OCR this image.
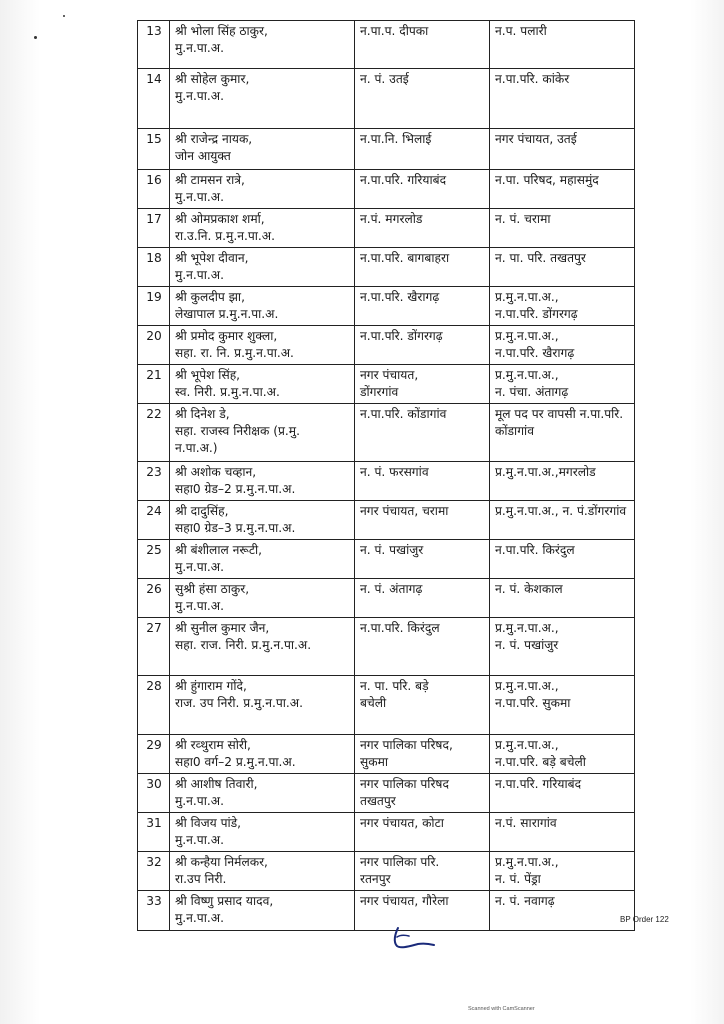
13	श्री भोला सिंह ठाकुर,
मु.न.पा.अ.	न.पा.प. दीपका	न.प. पलारी

14	श्री सोहेल कुमार,
मु.न.पा.अ.	न. पं. उतई	न.पा.परि. कांकेर

15	श्री राजेन्द्र नायक,
जोन आयुक्त	न.पा.नि. भिलाई	नगर पंचायत, उतई

16	श्री टामसन रात्रे,
मु.न.पा.अ.	न.पा.परि. गरियाबंद	न.पा. परिषद, महासमुंद

17	श्री ओमप्रकाश शर्मा,
रा.उ.नि. प्र.मु.न.पा.अ.	न.पं. मगरलोड	न. पं. चरामा

18	श्री भूपेश दीवान,
मु.न.पा.अ.	न.पा.परि. बागबाहरा	न. पा. परि. तखतपुर

19	श्री कुलदीप झा,
लेखापाल प्र.मु.न.पा.अ.	न.पा.परि. खैरागढ़	प्र.मु.न.पा.अ.,
न.पा.परि. डोंगरगढ़

20	श्री प्रमोद कुमार शुक्ला,
सहा. रा. नि. प्र.मु.न.पा.अ.	न.पा.परि. डोंगरगढ़	प्र.मु.न.पा.अ.,
न.पा.परि. खैरागढ़

21	श्री भूपेश सिंह,
स्व. निरी. प्र.मु.न.पा.अ.	नगर पंचायत,
डोंगरगांव	प्र.मु.न.पा.अ.,
न. पंचा. अंतागढ़

22	श्री दिनेश डे,
सहा. राजस्व निरीक्षक (प्र.मु.
न.पा.अ.)	न.पा.परि. कोंडागांव	मूल पद पर वापसी न.पा.परि.
कोंडागांव

23	श्री अशोक चव्हान,
सहा0 ग्रेड–2 प्र.मु.न.पा.अ.	न. पं. फरसगांव	प्र.मु.न.पा.अ.,मगरलोड

24	श्री दादुसिंह,
सहा0 ग्रेड–3 प्र.मु.न.पा.अ.	नगर पंचायत, चरामा	प्र.मु.न.पा.अ., न. पं.डोंगरगांव

25	श्री बंशीलाल नरूटी,
मु.न.पा.अ.	न. पं. पखांजुर	न.पा.परि. किरंदुल

26	सुश्री हंसा ठाकुर,
मु.न.पा.अ.	न. पं. अंतागढ़	न. पं. केशकाल

27	श्री सुनील कुमार जैन,
सहा. राज. निरी. प्र.मु.न.पा.अ.	न.पा.परि. किरंदुल	प्र.मु.न.पा.अ.,
न. पं. पखांजुर

28	श्री हुंगाराम गोंदे,
राज. उप निरी. प्र.मु.न.पा.अ.	न. पा. परि. बड़े
बचेली	प्र.मु.न.पा.अ.,
न.पा.परि. सुकमा

29	श्री रव्थुराम सोरी,
सहा0 वर्ग–2 प्र.मु.न.पा.अ.	नगर पालिका परिषद,
सुकमा	प्र.मु.न.पा.अ.,
न.पा.परि. बड़े बचेली

30	श्री आशीष तिवारी,
मु.न.पा.अ.	नगर पालिका परिषद
तखतपुर	न.पा.परि. गरियाबंद

31	श्री विजय पांडे,
मु.न.पा.अ.	नगर पंचायत, कोटा	न.पं. सारागांव

32	श्री कन्हैया निर्मलकर,
रा.उप निरी.	नगर पालिका परि.
रतनपुर	प्र.मु.न.पा.अ.,
न. पं. पेंड्रा

33	श्री विष्णु प्रसाद यादव,
मु.न.पा.अ.	नगर पंचायत, गौरेला	न. पं. नवागढ़
BP Order 122
Scanned with CamScanner
